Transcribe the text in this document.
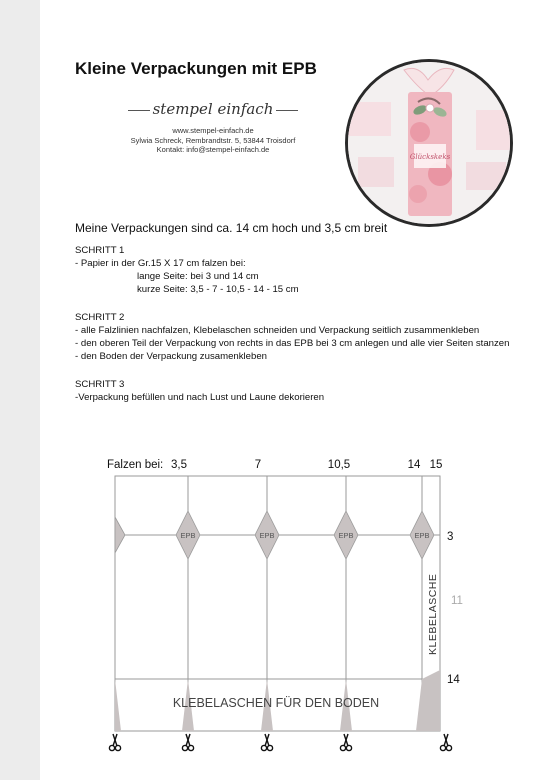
Kleine Verpackungen mit EPB
stempel einfach
www.stempel-einfach.de
Sylwia Schreck, Rembrandtstr. 5, 53844 Troisdorf
Kontakt: info@stempel-einfach.de
Glückskeks
Meine Verpackungen sind ca. 14 cm hoch und 3,5 cm breit

SCHRITT 1

- Papier in der Gr.15 X 17 cm falzen bei:

lange Seite: bei 3 und 14 cm

kurze Seite: 3,5 - 7 - 10,5 - 14 - 15 cm

SCHRITT 2

- alle Falzlinien nachfalzen, Klebelaschen schneiden und Verpackung seitlich zusammenkleben

- den oberen Teil der Verpackung von rechts in das EPB bei 3 cm anlegen und alle vier Seiten stanzen

- den Boden der Verpackung zusamenkleben

SCHRITT 3

-Verpackung befüllen und nach Lust und Laune dekorieren

EPB	EPB	EPB	EPB
KLEBELASCHE
KLEBELASCHEN FÜR DEN BODEN
Falzen bei: 3,5	7	10,5	14 15
3
11
14
